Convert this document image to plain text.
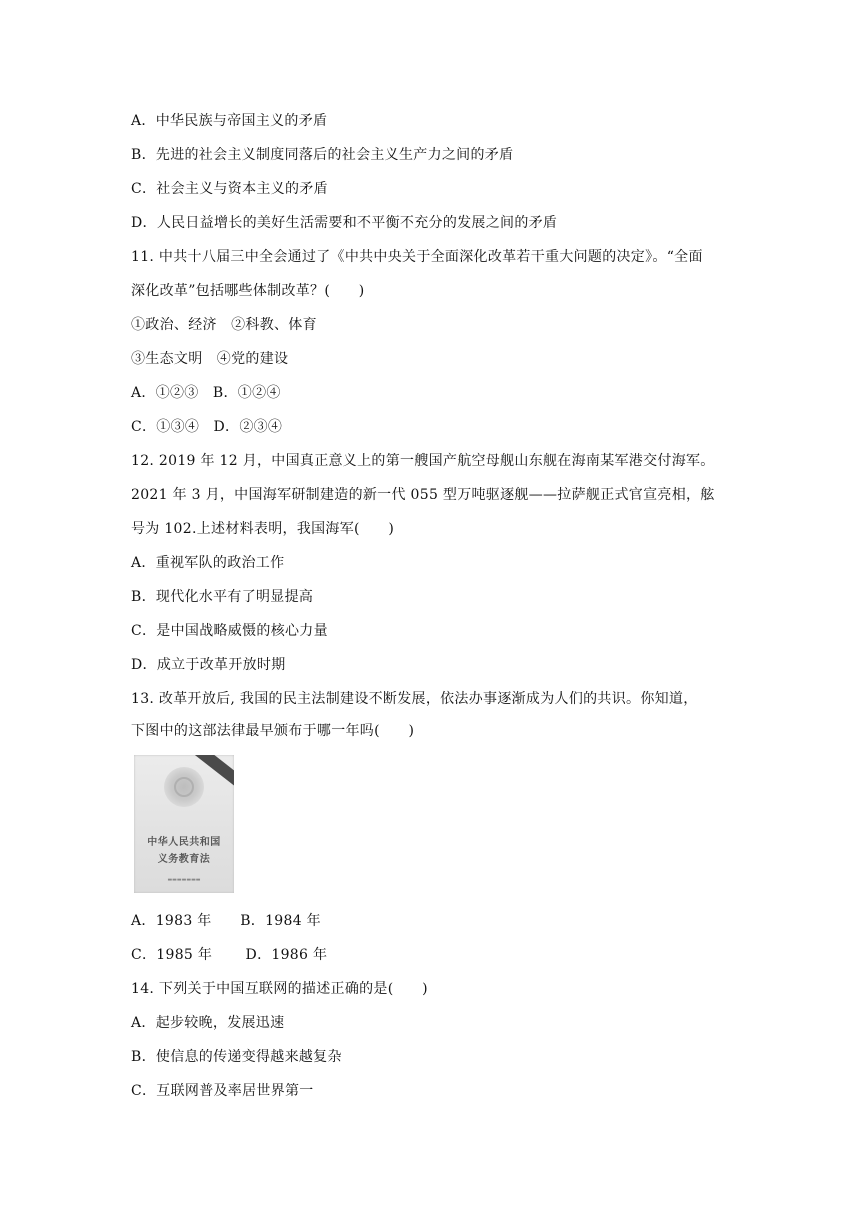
A．中华民族与帝国主义的矛盾
B．先进的社会主义制度同落后的社会主义生产力之间的矛盾
C．社会主义与资本主义的矛盾
D．人民日益增长的美好生活需要和不平衡不充分的发展之间的矛盾
11. 中共十八届三中全会通过了《中共中央关于全面深化改革若干重大问题的决定》。“全面
深化改革”包括哪些体制改革？(　　)
①政治、经济　②科教、体育
③生态文明　④党的建设
A．①②③　B．①②④
C．①③④　D．②③④
12. 2019 年 12 月，中国真正意义上的第一艘国产航空母舰山东舰在海南某军港交付海军。
2021 年 3 月，中国海军研制建造的新一代 055 型万吨驱逐舰——拉萨舰正式官宣亮相，舷
号为 102.上述材料表明，我国海军(　　)
A．重视军队的政治工作
B．现代化水平有了明显提高
C．是中国战略威慑的核心力量
D．成立于改革开放时期
13. 改革开放后, 我国的民主法制建设不断发展，依法办事逐渐成为人们的共识。你知道，
下图中的这部法律最早颁布于哪一年吗(　　)
中华人民共和国
义务教育法
▬▬▬▬▬▬▬
A．1983 年　　B．1984 年
C．1985 年　　 D．1986 年
14. 下列关于中国互联网的描述正确的是(　　)
A．起步较晚，发展迅速
B．使信息的传递变得越来越复杂
C．互联网普及率居世界第一
